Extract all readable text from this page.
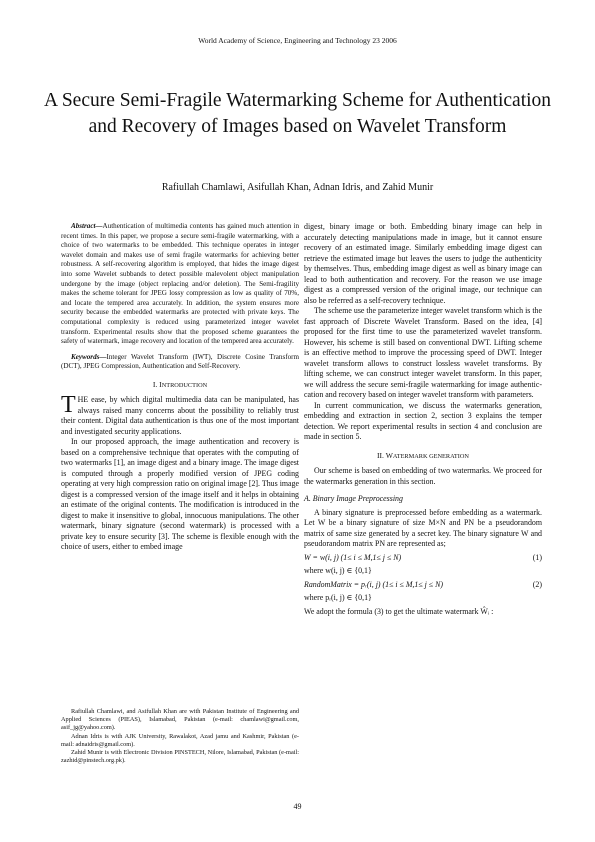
World Academy of Science, Engineering and Technology 23 2006
A Secure Semi-Fragile Watermarking Scheme for Authentication and Recovery of Images based on Wavelet Transform
Rafiullah Chamlawi, Asifullah Khan, Adnan Idris, and Zahid Munir

Abstract—Authentication of multimedia contents has gained much attention in recent times. In this paper, we propose a secure semi-fragile watermarking, with a choice of two watermarks to be embedded. This technique operates in integer wavelet domain and makes use of semi fragile watermarks for achieving better robustness. A self-recovering algorithm is employed, that hides the image digest into some Wavelet subbands to detect possible malevolent object manipulation undergone by the image (object replacing and/or deletion). The Semi-fragility makes the scheme tolerant for JPEG lossy compression as low as quality of 70%, and locate the tempered area accurately. In addition, the system ensures more security because the embedded watermarks are protected with private keys. The computational complexity is reduced using parameterized integer wavelet transform. Experimental results show that the proposed scheme guarantees the safety of watermark, image recovery and location of the tempered area accurately.

Keywords—Integer Wavelet Transform (IWT), Discrete Cosine Transform (DCT), JPEG Compression, Authentication and Self-Recovery.

I. INTRODUCTION

THE ease, by which digital multimedia data can be manipulated, has always raised many concerns about the possibility to reliably trust their content. Digital data authentication is thus one of the most important and investigated security applications.

In our proposed approach, the image authentication and recovery is based on a comprehensive technique that operates with the computing of two watermarks [1], an image digest and a binary image. The image digest is computed through a properly modified version of JPEG coding operating at very high compression ratio on original image [2]. Thus image digest is a compressed version of the image itself and it helps in obtaining an estimate of the original contents. The modification is introduced in the digest to make it insensitive to global, innocuous manipulations. The other watermark, binary signature (second watermark) is processed with a private key to ensure security [3]. The scheme is flexible enough with the choice of users, either to embed image

Rafiullah Chamlawi, and Asifullah Khan are with Pakistan Institute of Engineering and Applied Sciences (PIEAS), Islamabad, Pakistan (e-mail: chamlawi@gmail.com, asif_jg@yahoo.com).

Adnan Idris is with AJK University, Rawalakot, Azad jamu and Kashmir, Pakistan (e-mail: adnaidris@gmail.com).

Zahid Munir is with Electronic Division PINSTECH, Nilore, Islamabad, Pakistan (e-mail: zazhid@pinstech.org.pk).

digest, binary image or both. Embedding binary image can help in accurately detecting manipulations made in image, but it cannot ensure recovery of an estimated image. Similarly embedding image digest can retrieve the estimated image but leaves the users to judge the authenticity by themselves. Thus, embedding image digest as well as binary image can lead to both authentication and recovery. For the reason we use image digest as a compressed version of the original image, our technique can also be referred as a self-recovery technique.

The scheme use the parameterize integer wavelet transform which is the fast approach of Discrete Wavelet Transform. Based on the idea, [4] proposed for the first time to use the parameterized wavelet transform. However, his scheme is still based on conventional DWT. Lifting scheme is an effective method to improve the processing speed of DWT. Integer wavelet transform allows to construct lossless wavelet transforms. By lifting scheme, we can construct integer wavelet transform. In this paper, we will address the secure semi-fragile watermarking for image authentic-cation and recovery based on integer wavelet transform with parameters.

In current communication, we discuss the watermarks generation, embedding and extraction in section 2, section 3 explains the temper detection. We report experimental results in section 4 and conclusion are made in section 5.

II. WATERMARK GENERATION

Our scheme is based on embedding of two watermarks. We proceed for the watermarks generation in this section.

A. Binary Image Preprocessing

A binary signature is preprocessed before embedding as a watermark. Let W be a binary signature of size M×N and PN be a pseudorandom matrix of same size generated by a secret key. The binary signature W and pseudorandom matrix PN are represented as;

W = w(i, j) (1≤ i ≤ M,1≤ j ≤ N)	(1)

where w(i, j) ∈ {0,1}

RandomMatrix = pᵣ(i, j) (1≤ i ≤ M,1≤ j ≤ N)	(2)

where pᵣ(i, j) ∈ {0,1}

We adopt the formula (3) to get the ultimate watermark Ŵᵢ :

49
